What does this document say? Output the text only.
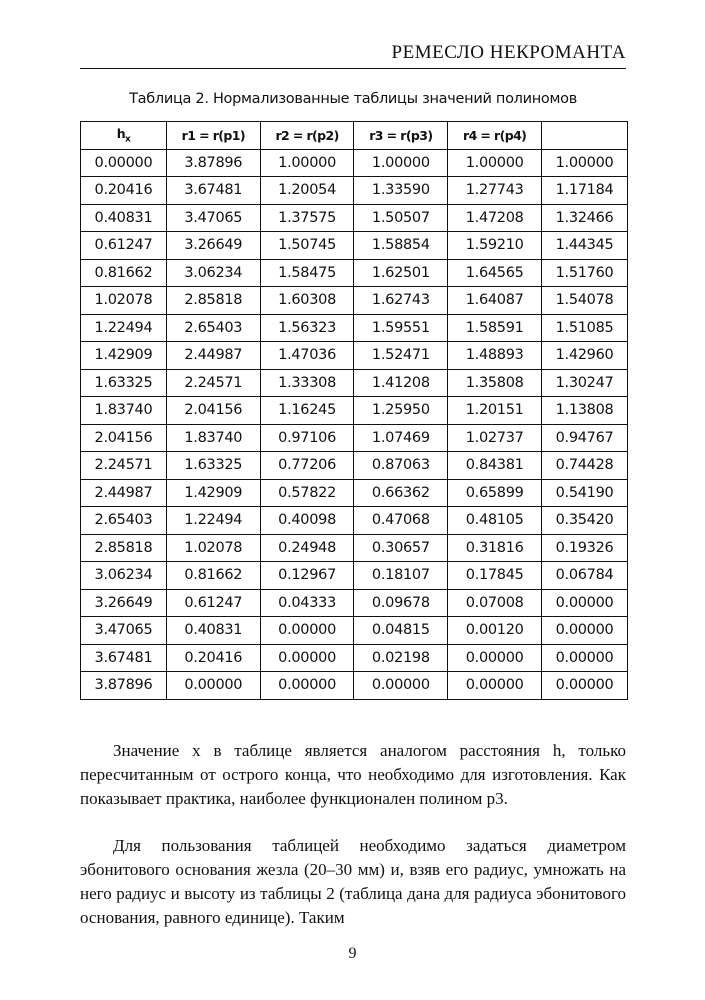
РЕМЕСЛО НЕКРОМАНТА
Таблица 2. Нормализованные таблицы значений полиномов
$h_x$	r1 = r(p1)	r2 = r(p2)	r3 = r(p3)	r4 = r(p4)	
0.00000	3.87896	1.00000	1.00000	1.00000	1.00000
0.20416	3.67481	1.20054	1.33590	1.27743	1.17184
0.40831	3.47065	1.37575	1.50507	1.47208	1.32466
0.61247	3.26649	1.50745	1.58854	1.59210	1.44345
0.81662	3.06234	1.58475	1.62501	1.64565	1.51760
1.02078	2.85818	1.60308	1.62743	1.64087	1.54078
1.22494	2.65403	1.56323	1.59551	1.58591	1.51085
1.42909	2.44987	1.47036	1.52471	1.48893	1.42960
1.63325	2.24571	1.33308	1.41208	1.35808	1.30247
1.83740	2.04156	1.16245	1.25950	1.20151	1.13808
2.04156	1.83740	0.97106	1.07469	1.02737	0.94767
2.24571	1.63325	0.77206	0.87063	0.84381	0.74428
2.44987	1.42909	0.57822	0.66362	0.65899	0.54190
2.65403	1.22494	0.40098	0.47068	0.48105	0.35420
2.85818	1.02078	0.24948	0.30657	0.31816	0.19326
3.06234	0.81662	0.12967	0.18107	0.17845	0.06784
3.26649	0.61247	0.04333	0.09678	0.07008	0.00000
3.47065	0.40831	0.00000	0.04815	0.00120	0.00000
3.67481	0.20416	0.00000	0.02198	0.00000	0.00000
3.87896	0.00000	0.00000	0.00000	0.00000	0.00000

Значение x в таблице является аналогом расстояния h, только пересчитанным от острого конца, что необходимо для изготовления. Как показывает практика, наиболее функционален полином p3.

Для пользования таблицей необходимо задаться диаметром эбонитового основания жезла (20–30 мм) и, взяв его радиус, умножать на него радиус и высоту из таблицы 2 (таблица дана для радиуса эбонитового основания, равного единице). Таким

9
